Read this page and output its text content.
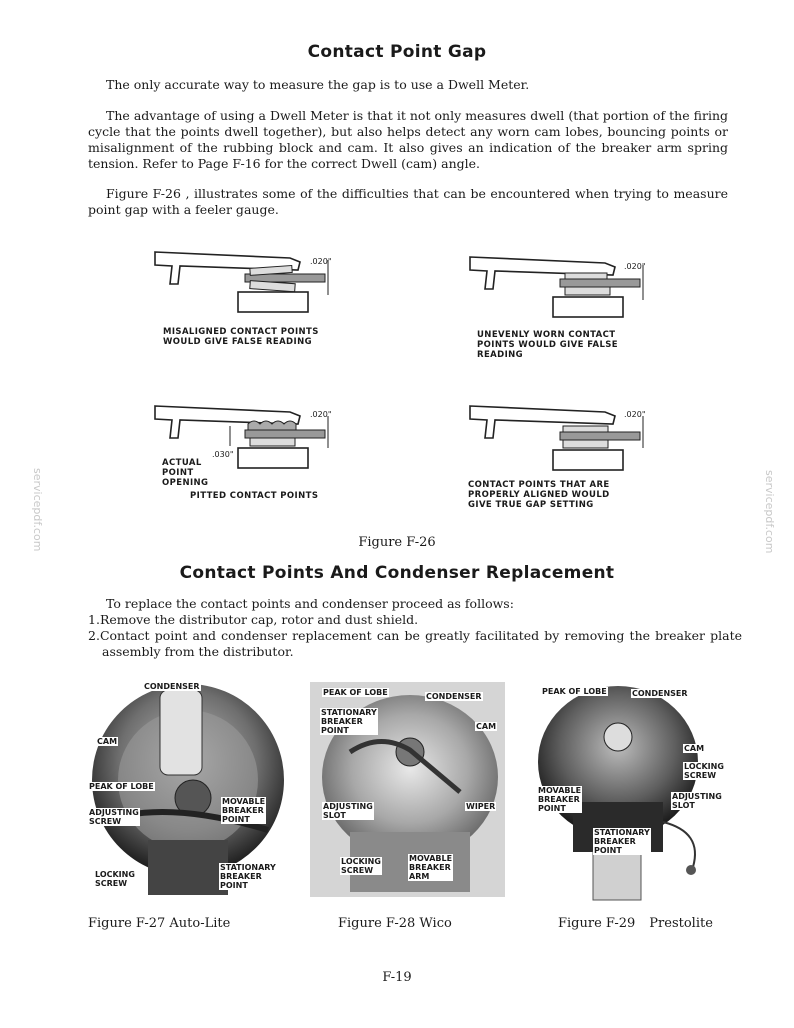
servicepdf.com	servicepdf.com
Contact Point Gap
The only accurate way to measure the gap is to use a Dwell Meter.
The advantage of using a Dwell Meter is that it not only measures dwell (that portion of the firing cycle that the points dwell together), but also helps detect any worn cam lobes, bouncing points or misalignment of the rubbing block and cam. It also gives an indication of the breaker arm spring tension. Refer to Page F-16 for the correct Dwell (cam) angle.
Figure F-26 , illustrates some of the difficulties that can be encountered when trying to measure point gap with a feeler gauge.
.020"
MISALIGNED CONTACT POINTS
WOULD GIVE FALSE READING
.020"
UNEVENLY WORN CONTACT
POINTS WOULD GIVE FALSE
READING
.020"
.030"
ACTUAL
POINT
OPENING
PITTED CONTACT POINTS
.020"
CONTACT POINTS THAT ARE
PROPERLY ALIGNED WOULD
GIVE TRUE GAP SETTING
Figure F-26
Contact Points And Condenser Replacement
To replace the contact points and condenser proceed as follows:
1.Remove the distributor cap, rotor and dust shield.
2.Contact point and condenser replacement can be greatly facilitated by removing the breaker plate assembly from the distributor.
CONDENSER
CAM
PEAK OF LOBE
ADJUSTING
SCREW
MOVABLE
BREAKER
POINT
LOCKING
SCREW
STATIONARY
BREAKER
POINT
Figure F-27 Auto-Lite
PEAK OF LOBE	CONDENSER
STATIONARY
BREAKER
POINT	CAM
ADJUSTING
SLOT
WIPER
LOCKING
SCREW
MOVABLE
BREAKER
ARM
Figure F-28 Wico
PEAK OF LOBE	CONDENSER
CAM
LOCKING
SCREW
MOVABLE
BREAKER
POINT
ADJUSTING
SLOT
STATIONARY
BREAKER
POINT
Figure F-29 Prestolite
F-19
